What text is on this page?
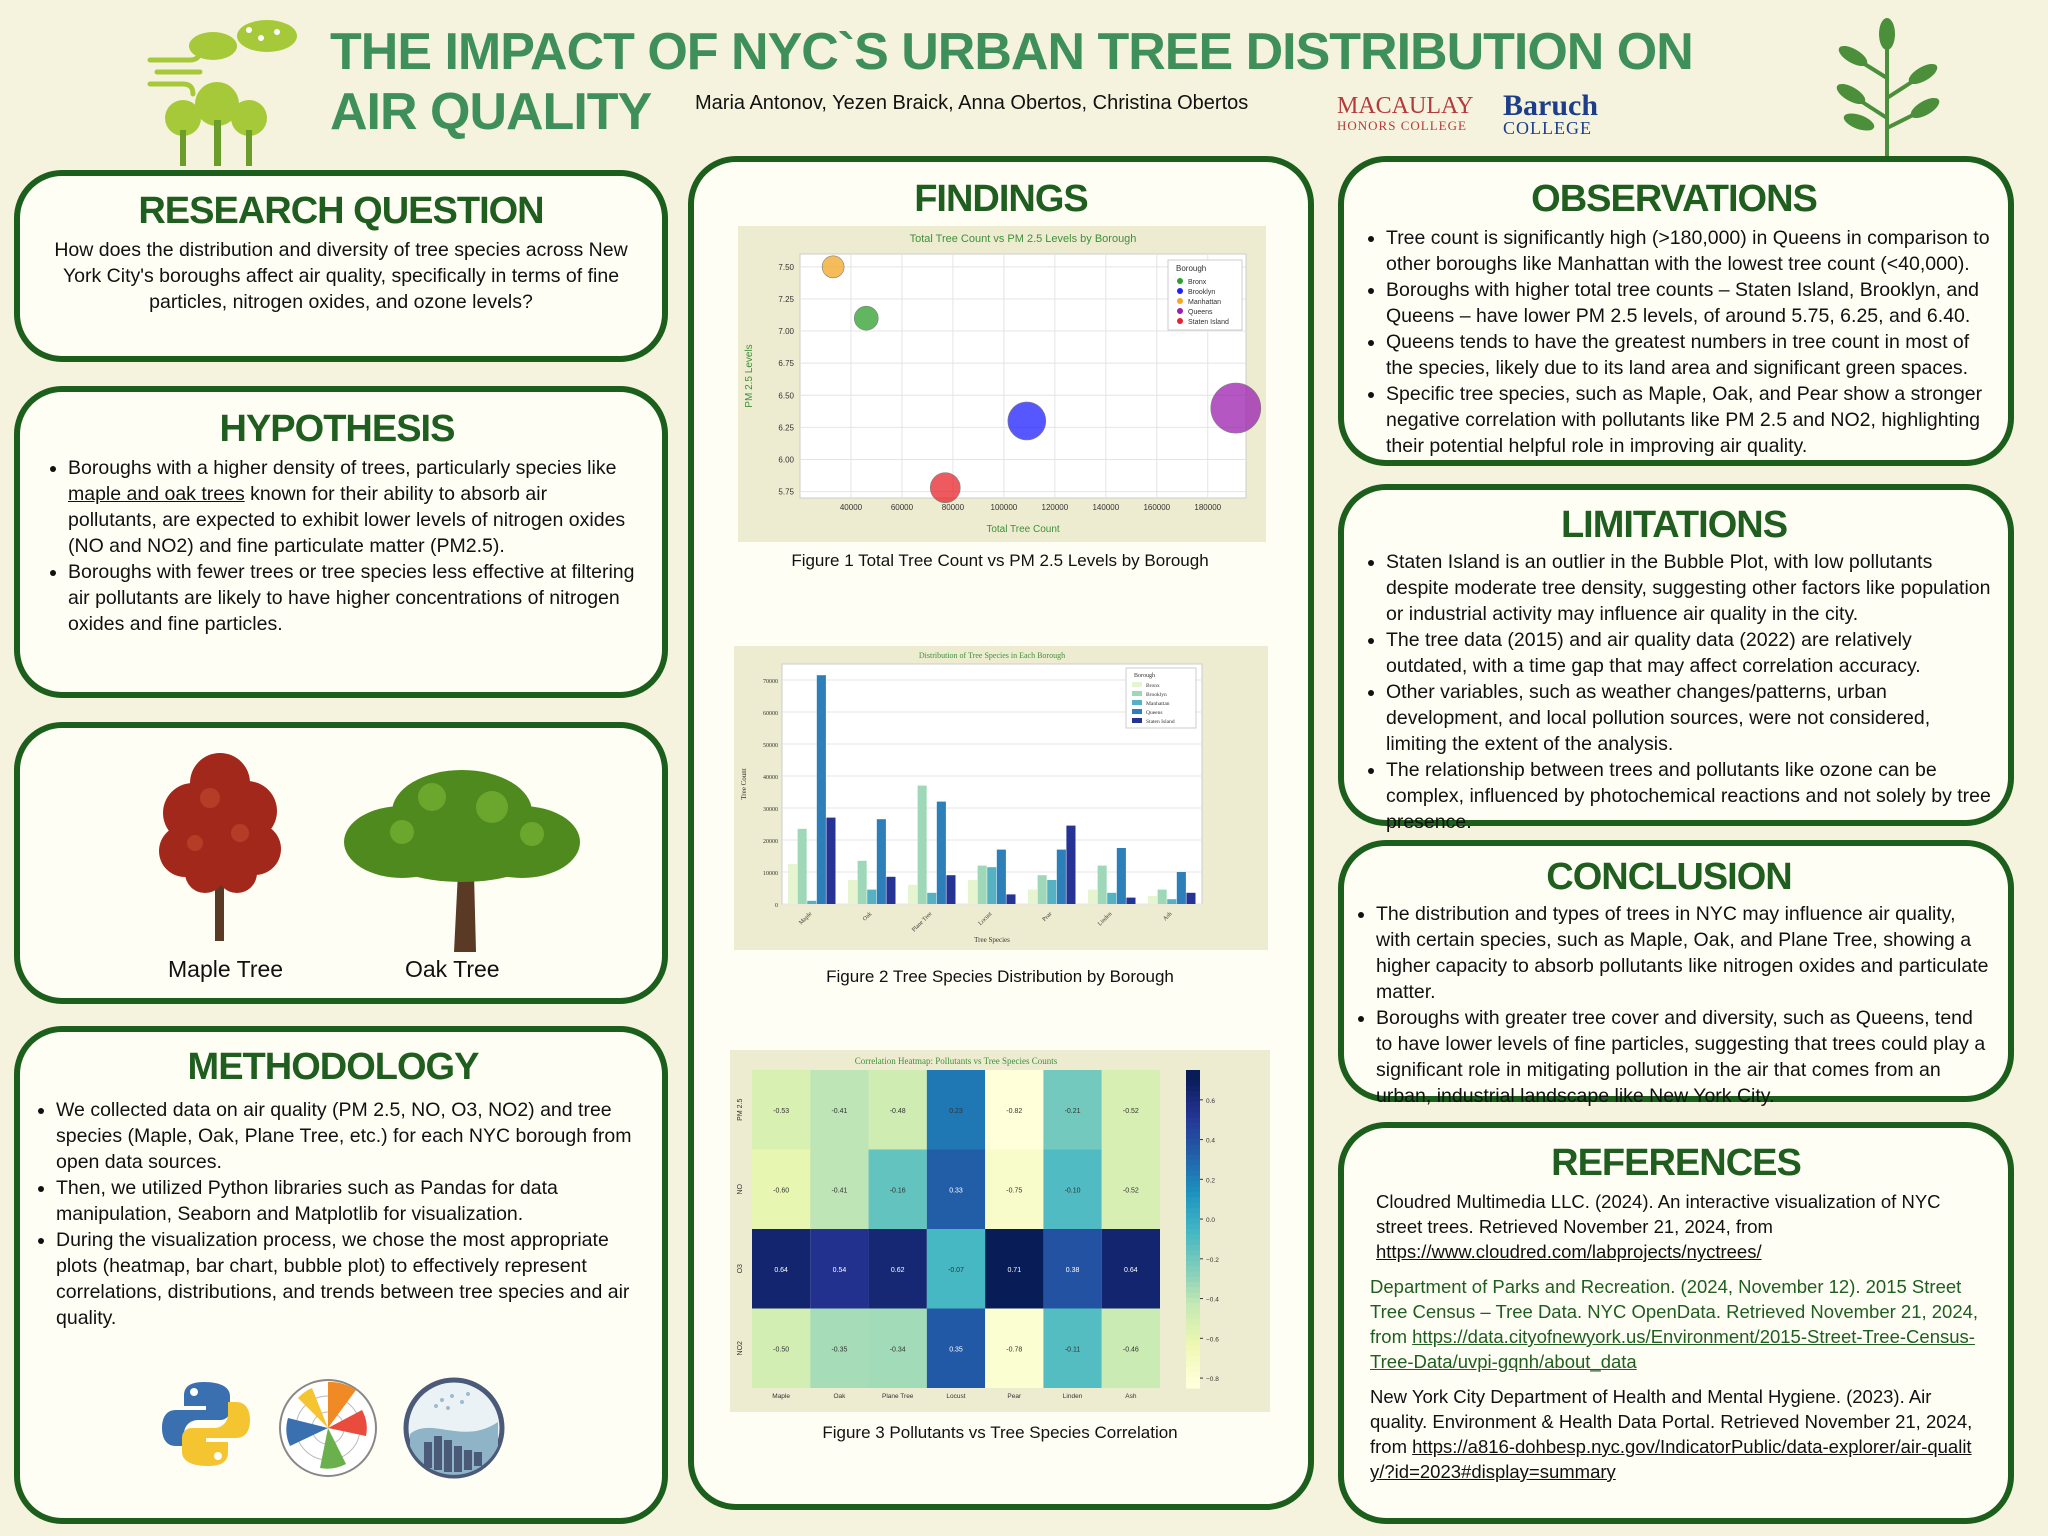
THE IMPACT OF NYC`S URBAN TREE DISTRIBUTION ON AIR QUALITY	Maria Antonov, Yezen Braick, Anna Obertos, Christina Obertos	MACAULAY
HONORS COLLEGE
Baruch
COLLEGE
RESEARCH QUESTION

How does the distribution and diversity of tree species across New York City's boroughs affect air quality, specifically in terms of fine particles, nitrogen oxides, and ozone levels?

HYPOTHESIS
• Boroughs with a higher density of trees, particularly species like maple and oak trees known for their ability to absorb air pollutants, are expected to exhibit lower levels of nitrogen oxides (NO and NO2) and fine particulate matter (PM2.5).
• Boroughs with fewer trees or tree species less effective at filtering air pollutants are likely to have higher concentrations of nitrogen oxides and fine particles.
Maple Tree	Oak Tree
METHODOLOGY
• We collected data on air quality (PM 2.5, NO, O3, NO2) and tree species (Maple, Oak, Plane Tree, etc.) for each NYC borough from open data sources.
• Then, we utilized Python libraries such as Pandas for data manipulation, Seaborn and Matplotlib for visualization.
• During the visualization process, we chose the most appropriate plots (heatmap, bar chart, bubble plot) to effectively represent correlations, distributions, and trends between tree species and air quality.
FINDINGS
40000	60000	80000	100000	120000	140000	160000	180000
5.75
6.00
6.25
6.50
6.75
7.00
7.25
7.50
Total Tree Count vs PM 2.5 Levels by Borough
Total Tree Count
PM 2.5 Levels
Borough
Bronx
Brooklyn
Manhattan
Queens
Staten Island
Figure 1 Total Tree Count vs PM 2.5 Levels by Borough
0
10000
20000
30000
40000
50000
60000
70000
Distribution of Tree Species in Each Borough
Tree Species
Tree Count
Maple	Oak	Plane Tree	Locust	Pear	Linden	Ash
Borough
Bronx
Brooklyn
Manhattan
Queens
Staten Island
Figure 2 Tree Species Distribution by Borough
Correlation Heatmap: Pollutants vs Tree Species Counts
-0.53	-0.41	-0.48	0.23	-0.82	-0.21	-0.52
PM 2.5
-0.60	-0.41	-0.16	0.33	-0.75	-0.10	-0.52
NO
0.64	0.54	0.62	-0.07	0.71	0.38	0.64
O3
-0.50	-0.35	-0.34	0.35	-0.78	-0.11	-0.46
NO2
Maple	Oak	Plane Tree	Locust	Pear	Linden	Ash
0.6
0.4
0.2
0.0
−0.2
−0.4
−0.6
−0.8
Figure 3 Pollutants vs Tree Species Correlation
OBSERVATIONS
• Tree count is significantly high (>180,000) in Queens in comparison to other boroughs like Manhattan with the lowest tree count (<40,000).
• Boroughs with higher total tree counts – Staten Island, Brooklyn, and Queens – have lower PM 2.5 levels, of around 5.75, 6.25, and 6.40.
• Queens tends to have the greatest numbers in tree count in most of the species, likely due to its land area and significant green spaces.
• Specific tree species, such as Maple, Oak, and Pear show a stronger negative correlation with pollutants like PM 2.5 and NO2, highlighting their potential helpful role in improving air quality.
LIMITATIONS
• Staten Island is an outlier in the Bubble Plot, with low pollutants despite moderate tree density, suggesting other factors like population or industrial activity may influence air quality in the city.
• The tree data (2015) and air quality data (2022) are relatively outdated, with a time gap that may affect correlation accuracy.
• Other variables, such as weather changes/patterns, urban development, and local pollution sources, were not considered, limiting the extent of the analysis.
• The relationship between trees and pollutants like ozone can be complex, influenced by photochemical reactions and not solely by tree presence.
CONCLUSION
• The distribution and types of trees in NYC may influence air quality, with certain species, such as Maple, Oak, and Plane Tree, showing a higher capacity to absorb pollutants like nitrogen oxides and particulate matter.
• Boroughs with greater tree cover and diversity, such as Queens, tend to have lower levels of fine particles, suggesting that trees could play a significant role in mitigating pollution in the air that comes from an urban, industrial landscape like New York City.
REFERENCES

Cloudred Multimedia LLC. (2024). An interactive visualization of NYC street trees. Retrieved November 21, 2024, from https://www.cloudred.com/labprojects/nyctrees/

Department of Parks and Recreation. (2024, November 12). 2015 Street Tree Census – Tree Data. NYC OpenData. Retrieved November 21, 2024, from https://data.cityofnewyork.us/Environment/2015-Street-Tree-Census-Tree-Data/uvpi-gqnh/about_data

New York City Department of Health and Mental Hygiene. (2023). Air quality. Environment & Health Data Portal. Retrieved November 21, 2024, from https://a816-dohbesp.nyc.gov/IndicatorPublic/data-explorer/air-quality/?id=2023#display=summary
